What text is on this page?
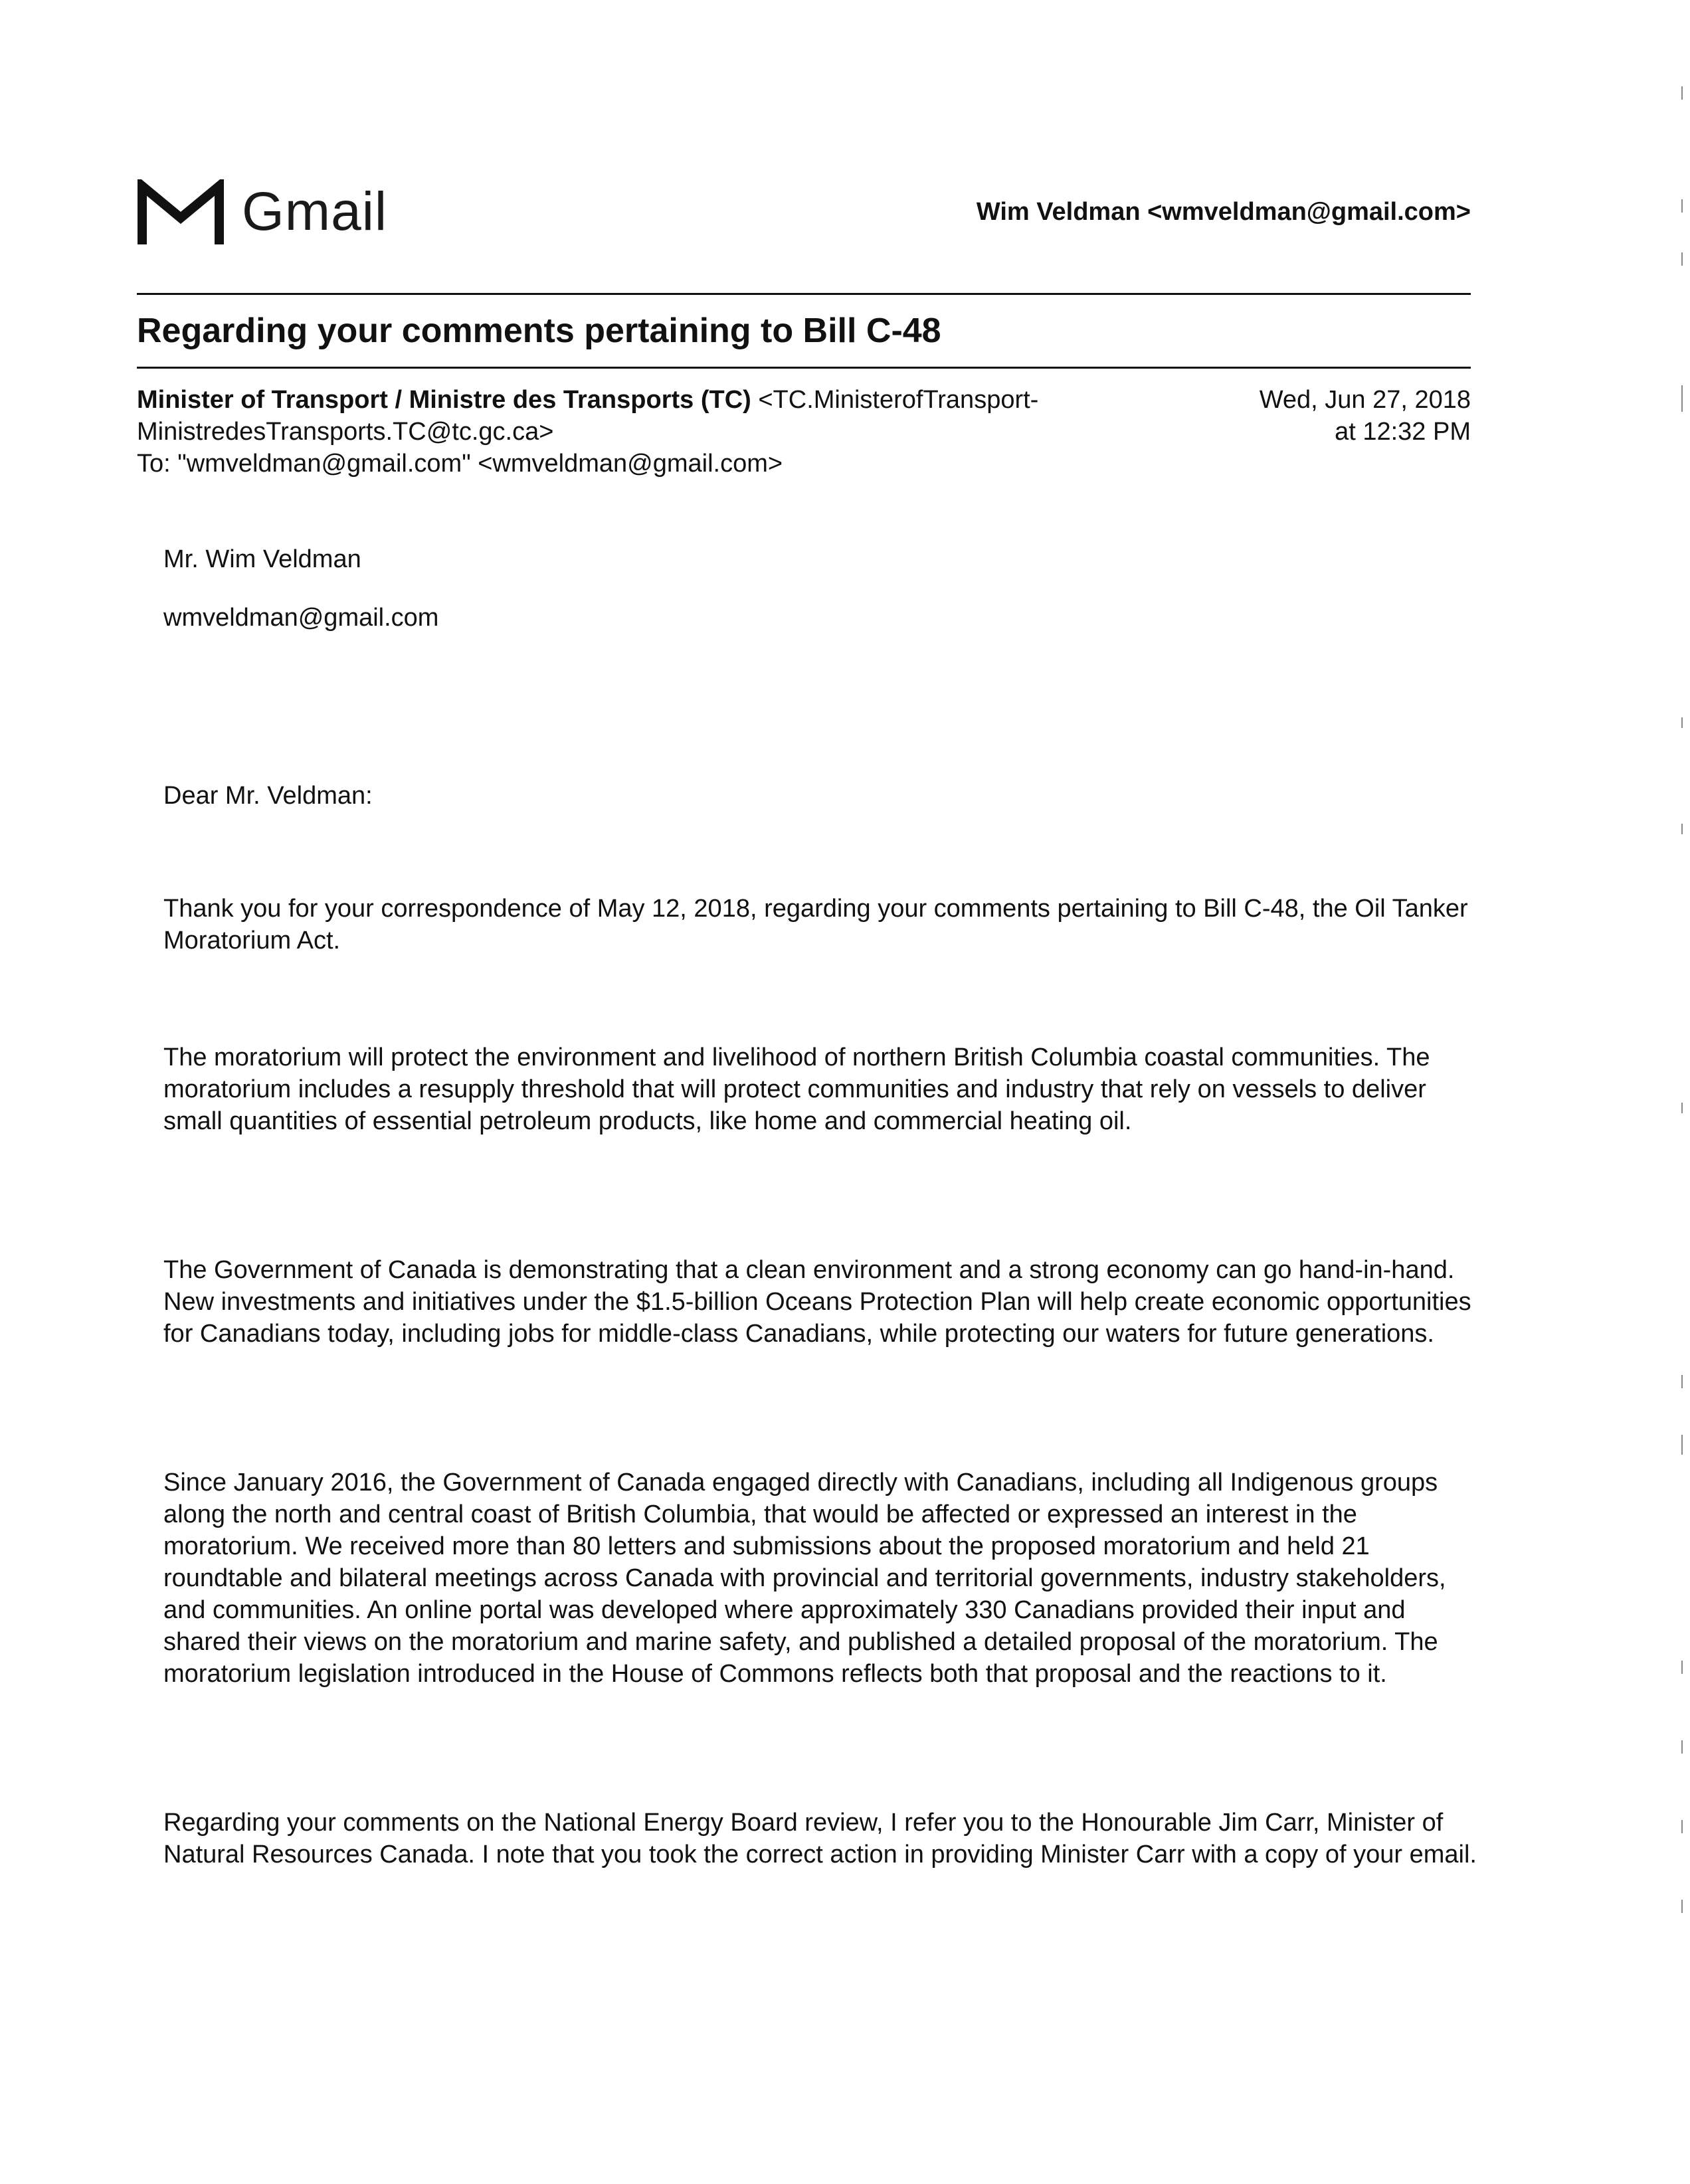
Gmail	Wim Veldman <wmveldman@gmail.com>
Regarding your comments pertaining to Bill C-48
Minister of Transport / Ministre des Transports (TC) <TC.MinisterofTransport-
MinistredesTransports.TC@tc.gc.ca>
To: "wmveldman@gmail.com" <wmveldman@gmail.com>
Wed, Jun 27, 2018
at 12:32 PM

Mr. Wim Veldman

wmveldman@gmail.com

Dear Mr. Veldman:

Thank you for your correspondence of May 12, 2018, regarding your comments pertaining to Bill C-48, the Oil Tanker Moratorium Act.

The moratorium will protect the environment and livelihood of northern British Columbia coastal communities. The moratorium includes a resupply threshold that will protect communities and industry that rely on vessels to deliver small quantities of essential petroleum products, like home and commercial heating oil.

The Government of Canada is demonstrating that a clean environment and a strong economy can go hand-in-hand. New investments and initiatives under the $1.5-billion Oceans Protection Plan will help create economic opportunities for Canadians today, including jobs for middle-class Canadians, while protecting our waters for future generations.

Since January 2016, the Government of Canada engaged directly with Canadians, including all Indigenous groups along the north and central coast of British Columbia, that would be affected or expressed an interest in the moratorium. We received more than 80 letters and submissions about the proposed moratorium and held 21 roundtable and bilateral meetings across Canada with provincial and territorial governments, industry stakeholders, and communities. An online portal was developed where approximately 330 Canadians provided their input and shared their views on the moratorium and marine safety, and published a detailed proposal of the moratorium. The moratorium legislation introduced in the House of Commons reflects both that proposal and the reactions to it.

Regarding your comments on the National Energy Board review, I refer you to the Honourable Jim Carr, Minister of Natural Resources Canada. I note that you took the correct action in providing Minister Carr with a copy of your email.
